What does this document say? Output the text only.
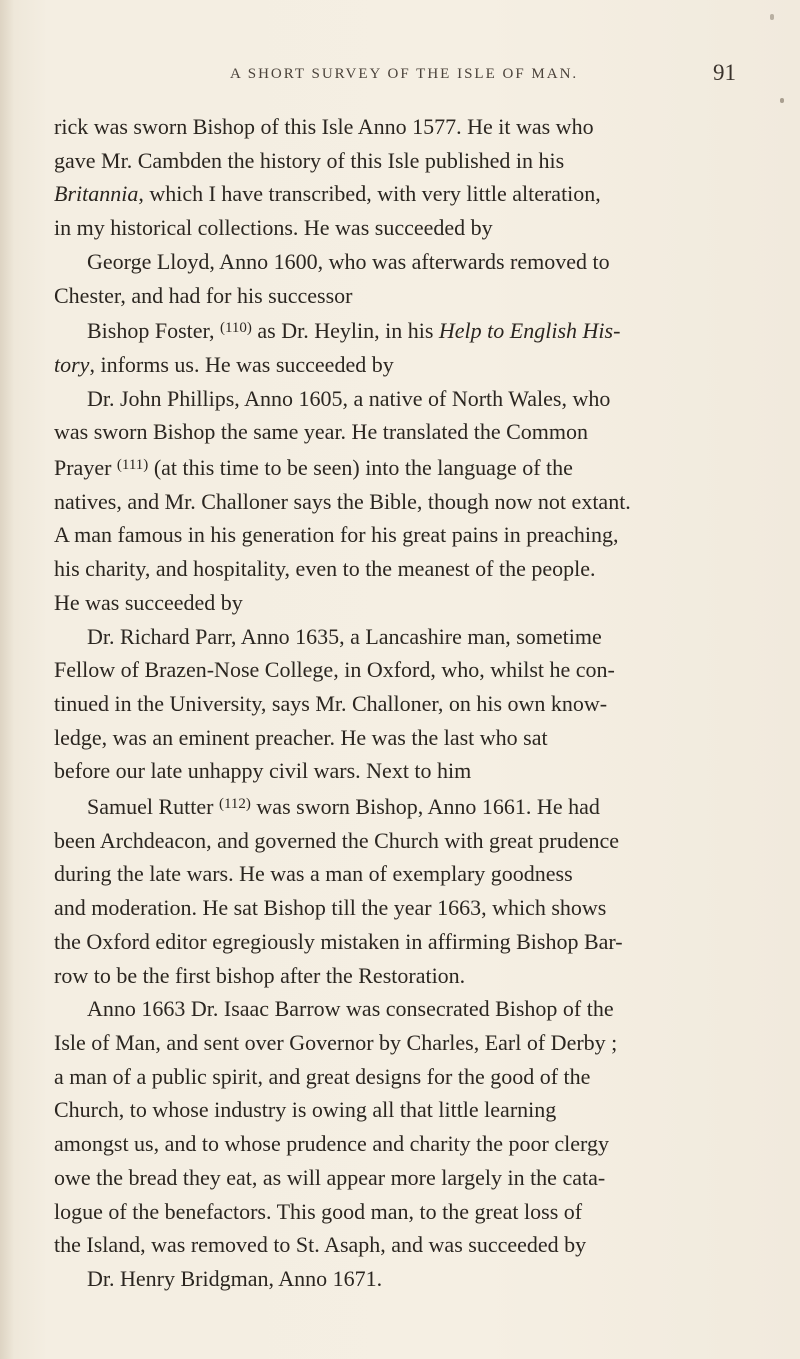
A SHORT SURVEY OF THE ISLE OF MAN.	91
rick was sworn Bishop of this Isle Anno 1577. He it was who
gave Mr. Cambden the history of this Isle published in his
Britannia, which I have transcribed, with very little alteration,
in my historical collections. He was succeeded by
George Lloyd, Anno 1600, who was afterwards removed to
Chester, and had for his successor
Bishop Foster, $^{(110)}$ as Dr. Heylin, in his Help to English His-
tory, informs us. He was succeeded by
Dr. John Phillips, Anno 1605, a native of North Wales, who
was sworn Bishop the same year. He translated the Common
Prayer $^{(111)}$ (at this time to be seen) into the language of the
natives, and Mr. Challoner says the Bible, though now not extant.
A man famous in his generation for his great pains in preaching,
his charity, and hospitality, even to the meanest of the people.
He was succeeded by
Dr. Richard Parr, Anno 1635, a Lancashire man, sometime
Fellow of Brazen-Nose College, in Oxford, who, whilst he con-
tinued in the University, says Mr. Challoner, on his own know-
ledge, was an eminent preacher. He was the last who sat
before our late unhappy civil wars. Next to him
Samuel Rutter $^{(112)}$ was sworn Bishop, Anno 1661. He had
been Archdeacon, and governed the Church with great prudence
during the late wars. He was a man of exemplary goodness
and moderation. He sat Bishop till the year 1663, which shows
the Oxford editor egregiously mistaken in affirming Bishop Bar-
row to be the first bishop after the Restoration.
Anno 1663 Dr. Isaac Barrow was consecrated Bishop of the
Isle of Man, and sent over Governor by Charles, Earl of Derby ;
a man of a public spirit, and great designs for the good of the
Church, to whose industry is owing all that little learning
amongst us, and to whose prudence and charity the poor clergy
owe the bread they eat, as will appear more largely in the cata-
logue of the benefactors. This good man, to the great loss of
the Island, was removed to St. Asaph, and was succeeded by
Dr. Henry Bridgman, Anno 1671.
